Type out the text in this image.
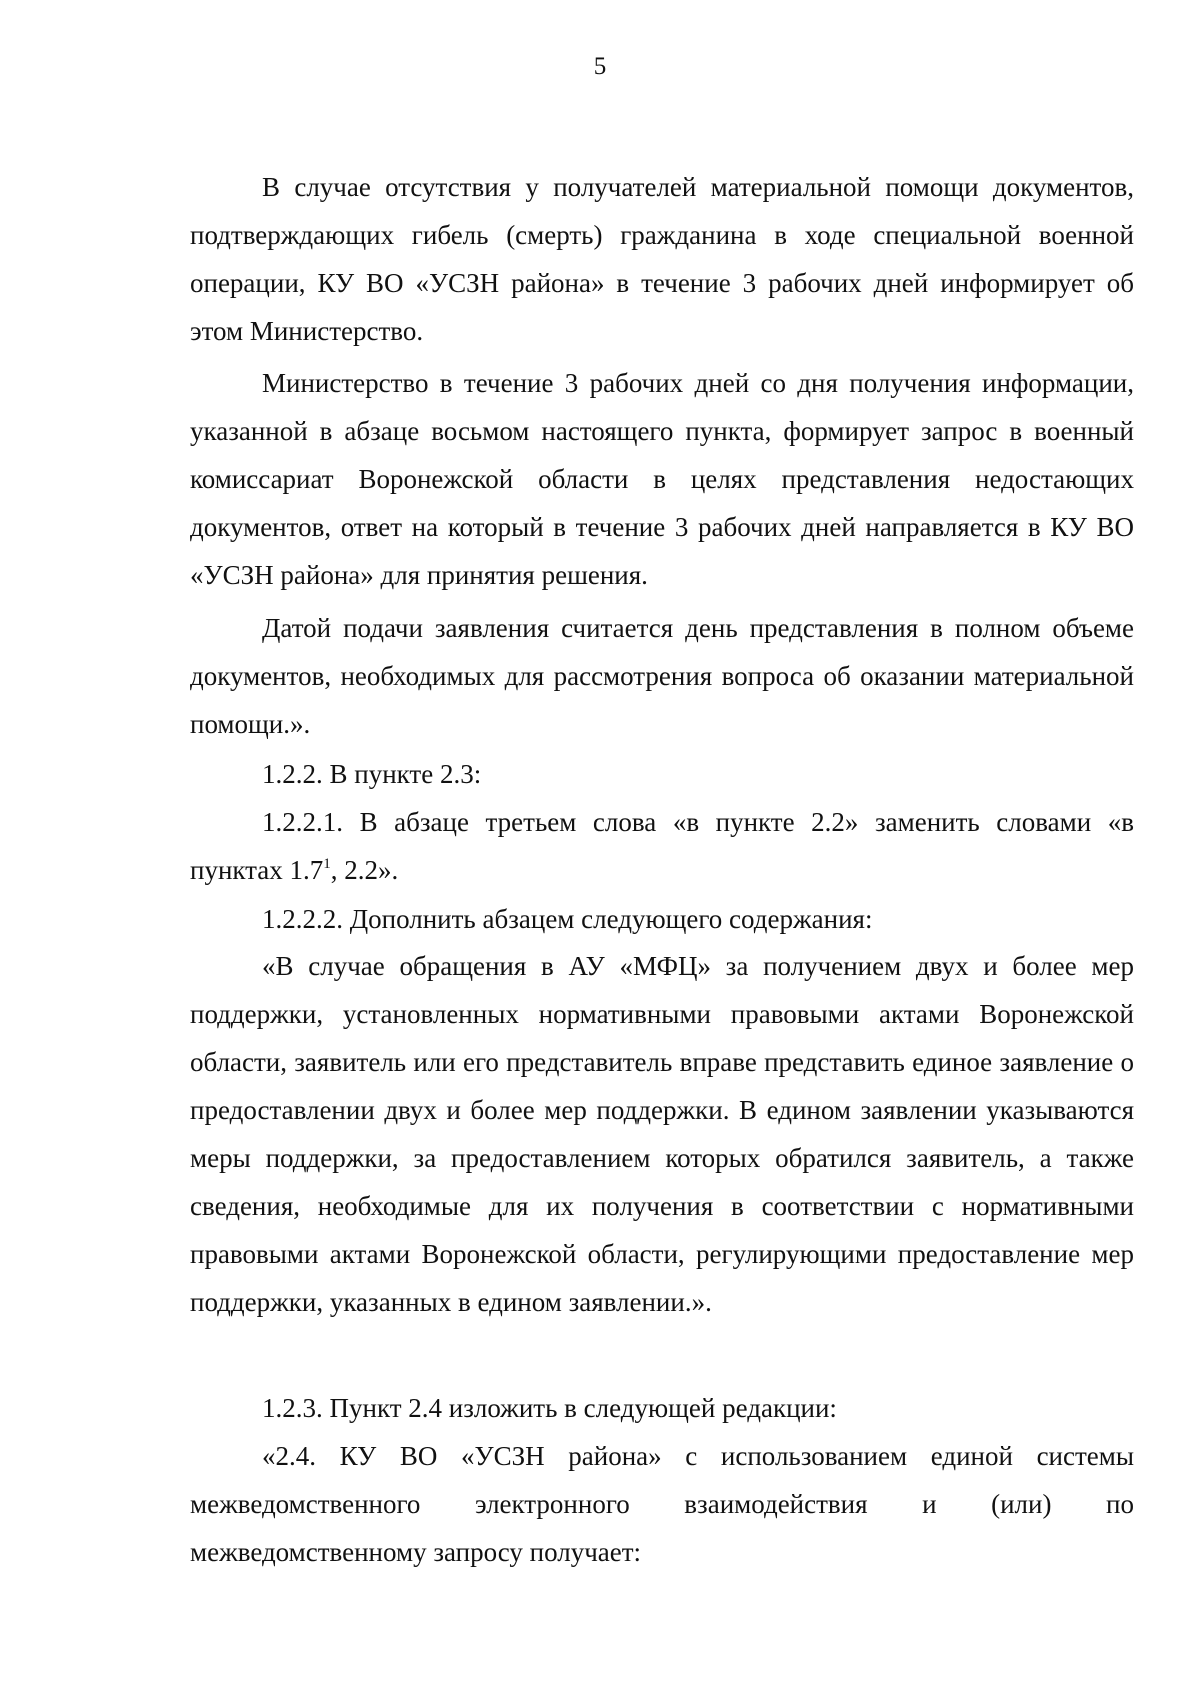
5

В случае отсутствия у получателей материальной помощи документов, подтверждающих гибель (смерть) гражданина в ходе специальной военной операции, КУ ВО «УСЗН района» в течение 3 рабочих дней информирует об этом Министерство.

Министерство в течение 3 рабочих дней со дня получения информации, указанной в абзаце восьмом настоящего пункта, формирует запрос в военный комиссариат Воронежской области в целях представления недостающих документов, ответ на который в течение 3 рабочих дней направляется в КУ ВО «УСЗН района» для принятия решения.

Датой подачи заявления считается день представления в полном объеме документов, необходимых для рассмотрения вопроса об оказании материальной помощи.».

1.2.2. В пункте 2.3:

1.2.2.1. В абзаце третьем слова «в пункте 2.2» заменить словами «в пунктах $1.7^1$, 2.2».

1.2.2.2. Дополнить абзацем следующего содержания:

«В случае обращения в АУ «МФЦ» за получением двух и более мер поддержки, установленных нормативными правовыми актами Воронежской области, заявитель или его представитель вправе представить единое заявление о предоставлении двух и более мер поддержки. В едином заявлении указываются меры поддержки, за предоставлением которых обратился заявитель, а также сведения, необходимые для их получения в соответствии с нормативными правовыми актами Воронежской области, регулирующими предоставление мер поддержки, указанных в едином заявлении.».

1.2.3. Пункт 2.4 изложить в следующей редакции:

«2.4. КУ ВО «УСЗН района» с использованием единой системы

межведомственного электронного взаимодействия и (или) по

межведомственному запросу получает:
